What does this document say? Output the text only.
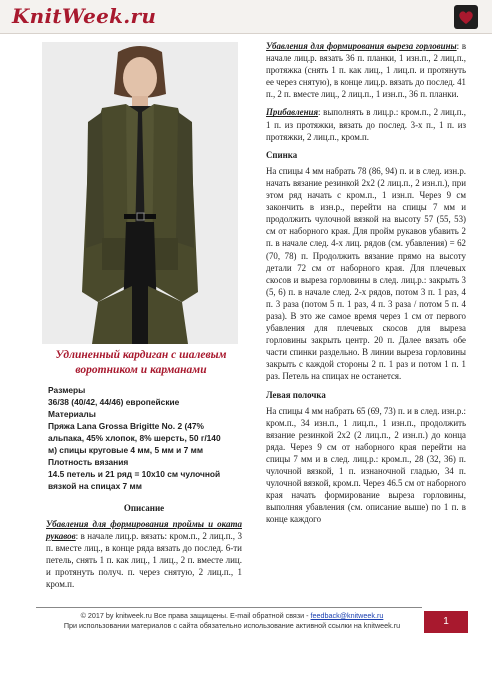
KnitWeek.ru
Удлиненный кардиган с шалевым
воротником и карманами
Размеры
36/38 (40/42, 44/46) европейские
Материалы
Пряжа Lana Grossa Brigitte No. 2 (47%
альпака, 45% хлопок, 8% шерсть, 50 г/140
м) спицы круговые 4 мм, 5 мм и 7 мм
Плотность вязания
14.5 петель и 21 ряд = 10х10 см чулочной
вязкой на спицах 7 мм
Описание
Убавления для формирования проймы и оката рукавов: в начале лиц.р. вязать: кром.п., 2 лиц.п., 3 п. вместе лиц., в конце ряда вязать до послед. 6-ти петель, снять 1 п. как лиц., 1 лиц., 2 п. вместе лиц. и протянуть получ. п. через снятую, 2 лиц.п., 1 кром.п.

Убавления для формирования выреза горловины: в начале лиц.р. вязать 36 п. планки, 1 изн.п., 2 лиц.п., протяжка (снять 1 п. как лиц., 1 лиц.п. и протянуть ее через снятую), в конце лиц.р. вязать до послед. 41 п., 2 п. вместе лиц., 2 лиц.п., 1 изн.п., 36 п. планки.

Прибавления: выполнять в лиц.р.: кром.п., 2 лиц.п., 1 п. из протяжки, вязать до послед. 3-х п., 1 п. из протяжки, 2 лиц.п., кром.п.

Спинка

На спицы 4 мм набрать 78 (86, 94) п. и в след. изн.р. начать вязание резинкой 2х2 (2 лиц.п., 2 изн.п.), при этом ряд начать с кром.п., 1 изн.п. Через 9 см закончить в изн.р., перейти на спицы 7 мм и продолжить чулочной вязкой на высоту 57 (55, 53) см от наборного края. Для пройм рукавов убавить 2 п. в начале след. 4-х лиц. рядов (см. убавления) = 62 (70, 78) п. Продолжить вязание прямо на высоту детали 72 см от наборного края. Для плечевых скосов и выреза горловины в след. лиц.р.: закрыть 3 (5, 6) п. в начале след. 2-х рядов, потом 3 п. 1 раз, 4 п. 3 раза (потом 5 п. 1 раз, 4 п. 3 раза / потом 5 п. 4 раза). В это же самое время через 1 см от первого убавления для плечевых скосов для выреза горловины закрыть центр. 20 п. Далее вязать обе части спинки раздельно. В линии выреза горловины закрыть с каждой стороны 2 п. 1 раз и потом 1 п. 1 раз. Петель на спицах не останется.

Левая полочка

На спицы 4 мм набрать 65 (69, 73) п. и в след. изн.р.: кром.п., 34 изн.п., 1 лиц.п., 1 изн.п., продолжить вязание резинкой 2х2 (2 лиц.п., 2 изн.п.) до конца ряда. Через 9 см от наборного края перейти на спицы 7 мм и в след. лиц.р.: кром.п., 28 (32, 36) п. чулочной вязкой, 1 п. изнаночной гладью, 34 п. чулочной вязкой, кром.п. Через 46.5 см от наборного края начать формирование выреза горловины, выполняя убавления (см. описание выше) по 1 п. в конце каждого

© 2017 by knitweek.ru Все права защищены. E-mail обратной связи - feedback@knitweek.ru
При использовании материалов с сайта обязательно использование активной ссылки на knitweek.ru	1
